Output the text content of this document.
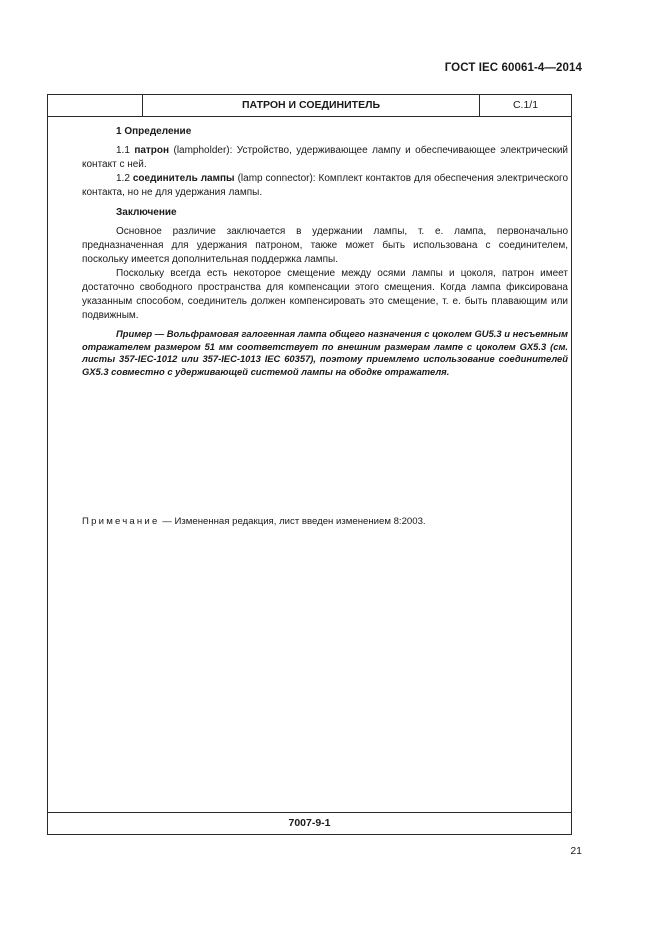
ГОСТ IEC 60061-4—2014
ПАТРОН И СОЕДИНИТЕЛЬ	С.1/1
1 Определение

1.1 патрон (lampholder): Устройство, удерживающее лампу и обеспечивающее электрический контакт с ней.

1.2 соединитель лампы (lamp connector): Комплект контактов для обеспечения электрического контакта, но не для удержания лампы.

Заключение

Основное различие заключается в удержании лампы, т. е. лампа, первоначально предназначенная для удержания патроном, также может быть использована с соединителем, поскольку имеется дополнительная поддержка лампы.

Поскольку всегда есть некоторое смещение между осями лампы и цоколя, патрон имеет достаточно свободного пространства для компенсации этого смещения. Когда лампа фиксирована указанным способом, соединитель должен компенсировать это смещение, т. е. быть плавающим или подвижным.

Пример — Вольфрамовая галогенная лампа общего назначения с цоколем GU5.3 и несъемным отражателем размером 51 мм соответствует по внешним размерам лампе с цоколем GX5.3 (см. листы 357-IEC-1012 или 357-IEC-1013 IEC 60357), поэтому приемлемо использование соединителей GX5.3 совместно с удерживающей системой лампы на ободке отражателя.

Примечание — Измененная редакция, лист введен изменением 8:2003.
7007-9-1
21
